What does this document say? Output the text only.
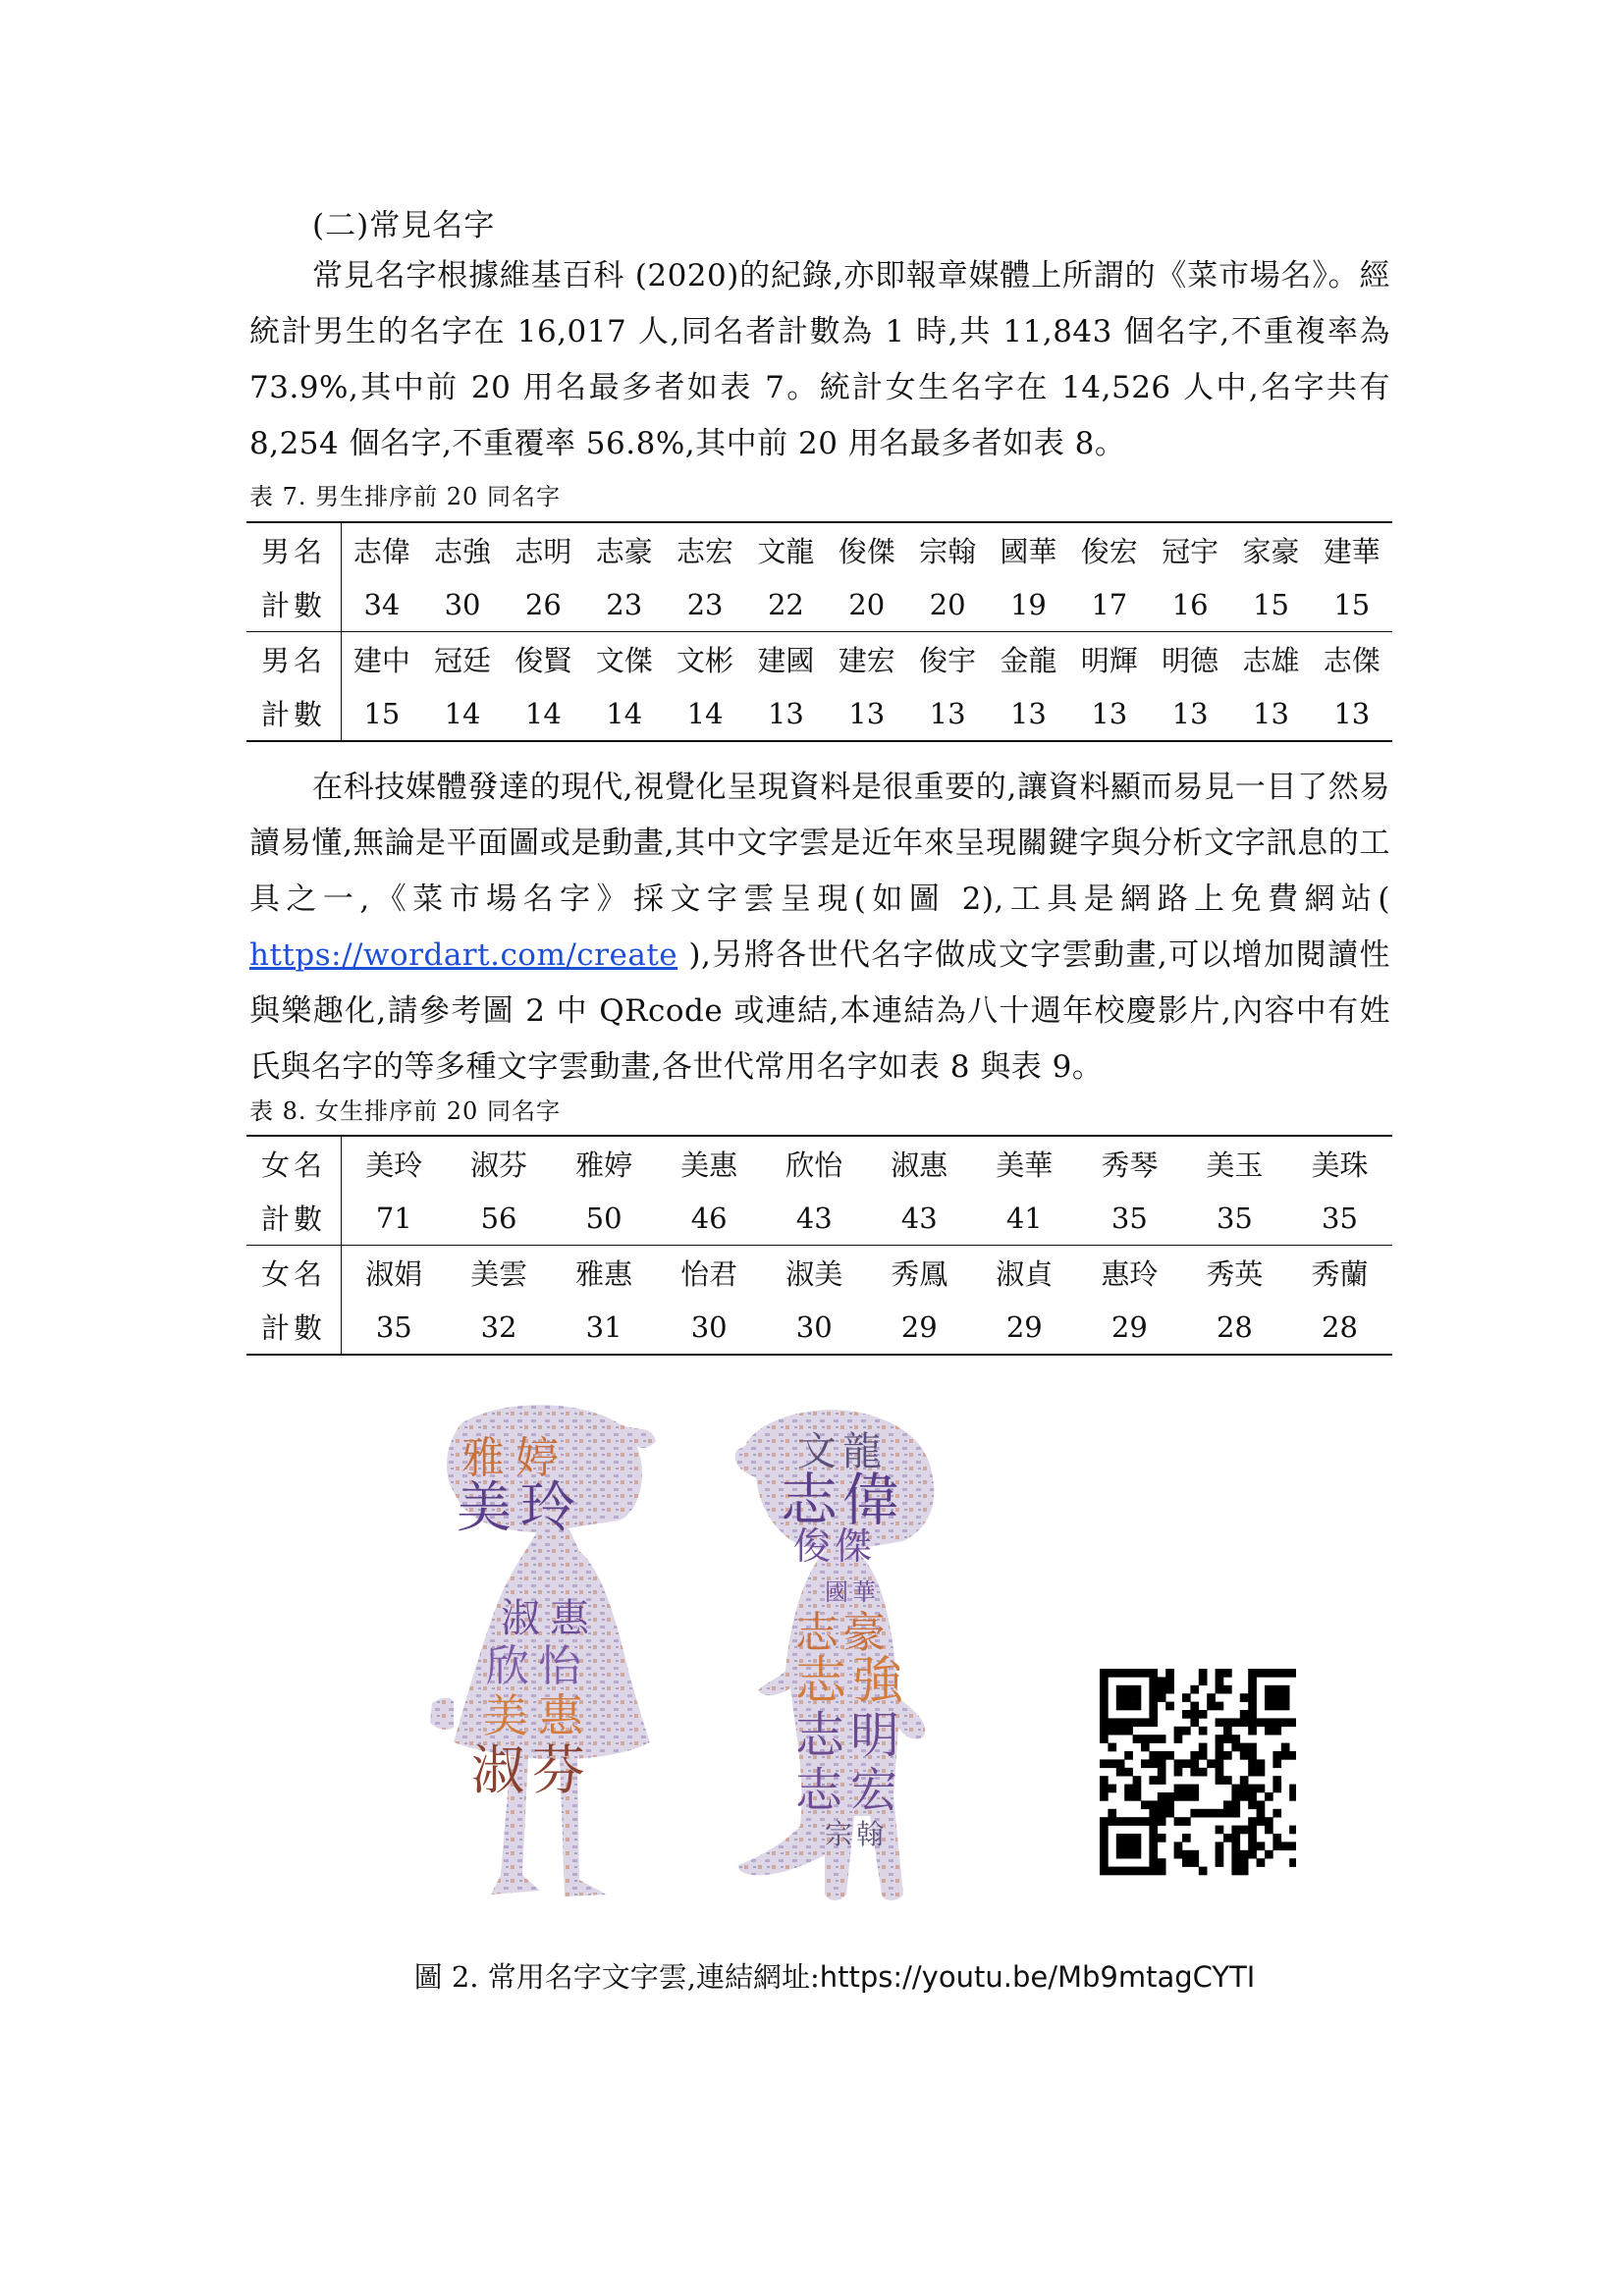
(二)常見名字

常見名字根據維基百科 (2020)的紀錄,亦即報章媒體上所謂的《菜市場名》。經統計男生的名字在 16,017 人,同名者計數為 1 時,共 11,843 個名字,不重複率為 73.9%,其中前 20 用名最多者如表 7。統計女生名字在 14,526 人中,名字共有 8,254 個名字,不重覆率 56.8%,其中前 20 用名最多者如表 8。

表 7. 男生排序前 20 同名字
男名	志偉	志強	志明	志豪	志宏	文龍	俊傑	宗翰	國華	俊宏	冠宇	家豪	建華
計數	34	30	26	23	23	22	20	20	19	17	16	15	15
男名	建中	冠廷	俊賢	文傑	文彬	建國	建宏	俊宇	金龍	明輝	明德	志雄	志傑
計數	15	14	14	14	14	13	13	13	13	13	13	13	13

在科技媒體發達的現代,視覺化呈現資料是很重要的,讓資料顯而易見一目了然易讀易懂,無論是平面圖或是動畫,其中文字雲是近年來呈現關鍵字與分析文字訊息的工具之一,《菜市場名字》採文字雲呈現(如圖 2),工具是網路上免費網站( https://wordart.com/create ),另將各世代名字做成文字雲動畫,可以增加閱讀性與樂趣化,請參考圖 2 中 QRcode 或連結,本連結為八十週年校慶影片,內容中有姓氏與名字的等多種文字雲動畫,各世代常用名字如表 8 與表 9。

表 8. 女生排序前 20 同名字
女名	美玲	淑芬	雅婷	美惠	欣怡	淑惠	美華	秀琴	美玉	美珠
計數	71	56	50	46	43	43	41	35	35	35
女名	淑娟	美雲	雅惠	怡君	淑美	秀鳳	淑貞	惠玲	秀英	秀蘭
計數	35	32	31	30	30	29	29	29	28	28
雅 婷
美 玲
淑 惠
欣 怡
美 惠
淑 芬
文 龍
志 偉
俊 傑
國 華
志 豪
志 強
志 明
志 宏
宗 翰
圖 2. 常用名字文字雲,連結網址:https://youtu.be/Mb9mtagCYTI
